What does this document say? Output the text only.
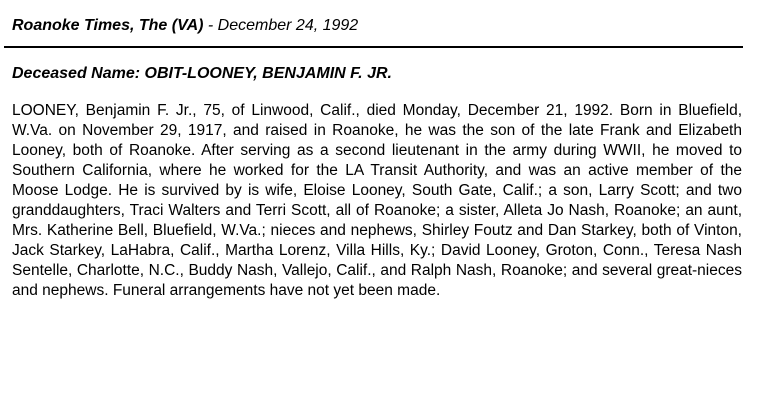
Roanoke Times, The (VA) - December 24, 1992
Deceased Name: OBIT-LOONEY, BENJAMIN F. JR.

LOONEY, Benjamin F. Jr., 75, of Linwood, Calif., died Monday, December 21, 1992. Born in Bluefield, W.Va. on November 29, 1917, and raised in Roanoke, he was the son of the late Frank and Elizabeth Looney, both of Roanoke. After serving as a second lieutenant in the army during WWII, he moved to Southern California, where he worked for the LA Transit Authority, and was an active member of the Moose Lodge. He is survived by is wife, Eloise Looney, South Gate, Calif.; a son, Larry Scott; and two granddaughters, Traci Walters and Terri Scott, all of Roanoke; a sister, Alleta Jo Nash, Roanoke; an aunt, Mrs. Katherine Bell, Bluefield, W.Va.; nieces and nephews, Shirley Foutz and Dan Starkey, both of Vinton, Jack Starkey, LaHabra, Calif., Martha Lorenz, Villa Hills, Ky.; David Looney, Groton, Conn., Teresa Nash Sentelle, Charlotte, N.C., Buddy Nash, Vallejo, Calif., and Ralph Nash, Roanoke; and several great-nieces and nephews. Funeral arrangements have not yet been made.
